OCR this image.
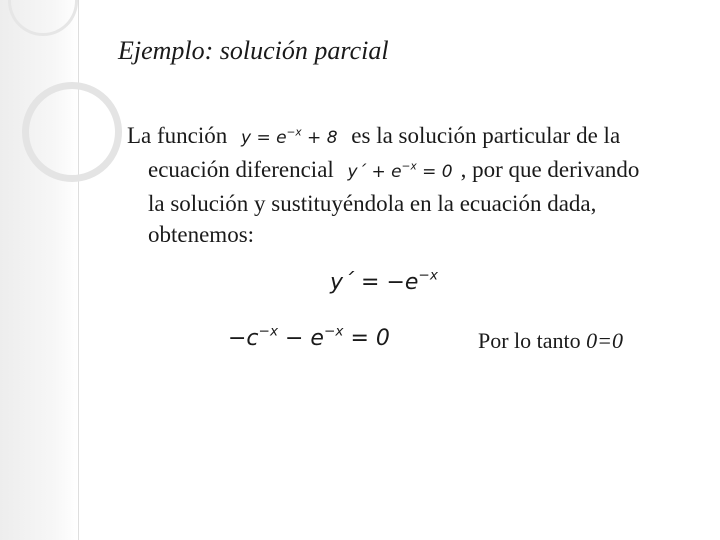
Ejemplo: solución parcial
La función $y = e^{-x} + 8$ es la solución particular de la
ecuación diferencial y´ + $e^{-x} = 0$ , por que derivando
la solución y sustituyéndola en la ecuación dada,
obtenemos:
y´ = $-e^{-x}$
$-c^{-x} - e^{-x} = 0$	Por lo tanto 0=0
